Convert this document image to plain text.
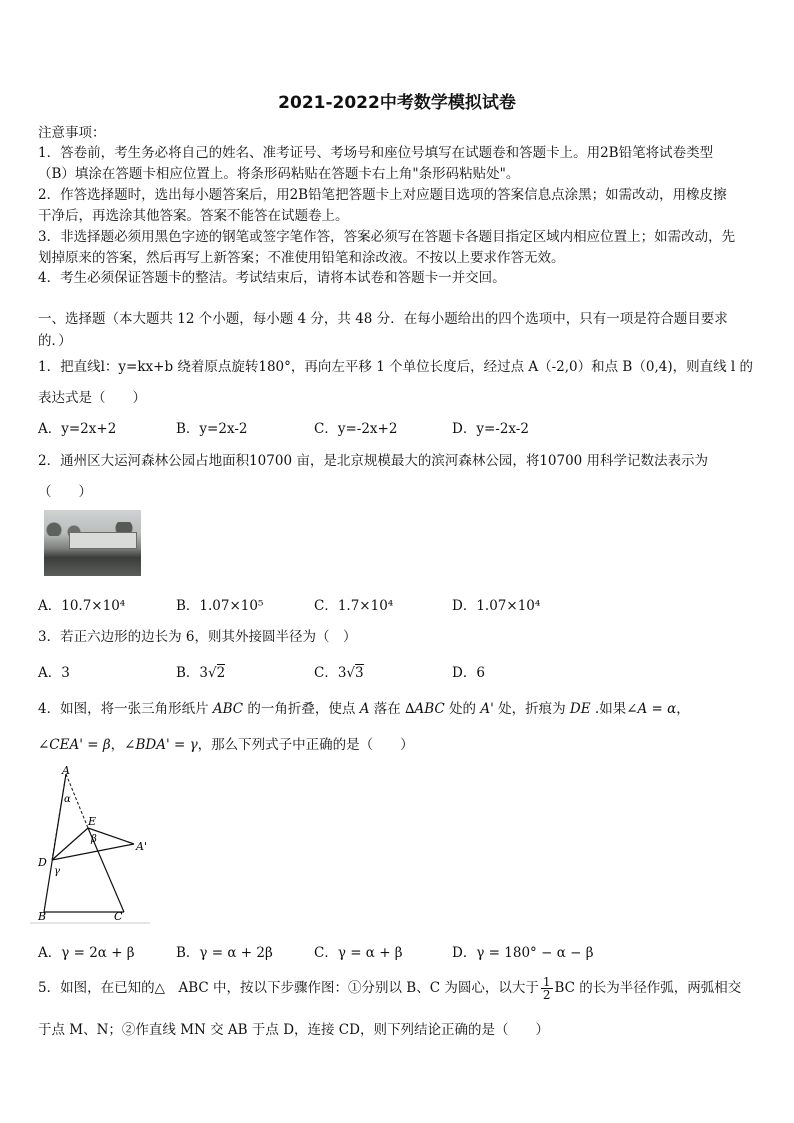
2021-2022中考数学模拟试卷
注意事项：
1．答卷前，考生务必将自己的姓名、准考证号、考场号和座位号填写在试题卷和答题卡上。用2B铅笔将试卷类型
（B）填涂在答题卡相应位置上。将条形码粘贴在答题卡右上角"条形码粘贴处"。
2．作答选择题时，选出每小题答案后，用2B铅笔把答题卡上对应题目选项的答案信息点涂黑；如需改动，用橡皮擦
干净后，再选涂其他答案。答案不能答在试题卷上。
3．非选择题必须用黑色字迹的钢笔或签字笔作答，答案必须写在答题卡各题目指定区域内相应位置上；如需改动，先
划掉原来的答案，然后再写上新答案；不准使用铅笔和涂改液。不按以上要求作答无效。
4．考生必须保证答题卡的整洁。考试结束后，请将本试卷和答题卡一并交回。
一、选择题（本大题共 12 个小题，每小题 4 分，共 48 分．在每小题给出的四个选项中，只有一项是符合题目要求
的．）
1．把直线l：y=kx+b 绕着原点旋转180°，再向左平移 1 个单位长度后，经过点 A（-2,0）和点 B（0,4)，则直线 l 的
表达式是（　　）
A．y=2x+2	B．y=2x-2	C．y=-2x+2	D．y=-2x-2
2．通州区大运河森林公园占地面积10700 亩，是北京规模最大的滨河森林公园，将10700 用科学记数法表示为
（　　）
A．10.7×10⁴	B．1.07×10⁵	C．1.7×10⁴	D．1.07×10⁴
3．若正六边形的边长为 6，则其外接圆半径为（　）
A．3	B．3√2	C．3√3	D．6
4．如图，将一张三角形纸片 ABC 的一角折叠，使点 A 落在 ∆ABC 处的 A' 处，折痕为 DE .如果∠A = α，
∠CEA' = β，∠BDA' = γ，那么下列式子中正确的是（　　）
A
α
E
β
A'
D
γ
B	C
A．γ = 2α + β	B．γ = α + 2β	C．γ = α + β	D．γ = 180° − α − β
5．如图，在已知的△　ABC 中，按以下步骤作图：①分别以 B、C 为圆心，以大于 $\frac{1}{2}$ BC 的长为半径作弧，两弧相交
于点 M、N；②作直线 MN 交 AB 于点 D，连接 CD，则下列结论正确的是（　　）
